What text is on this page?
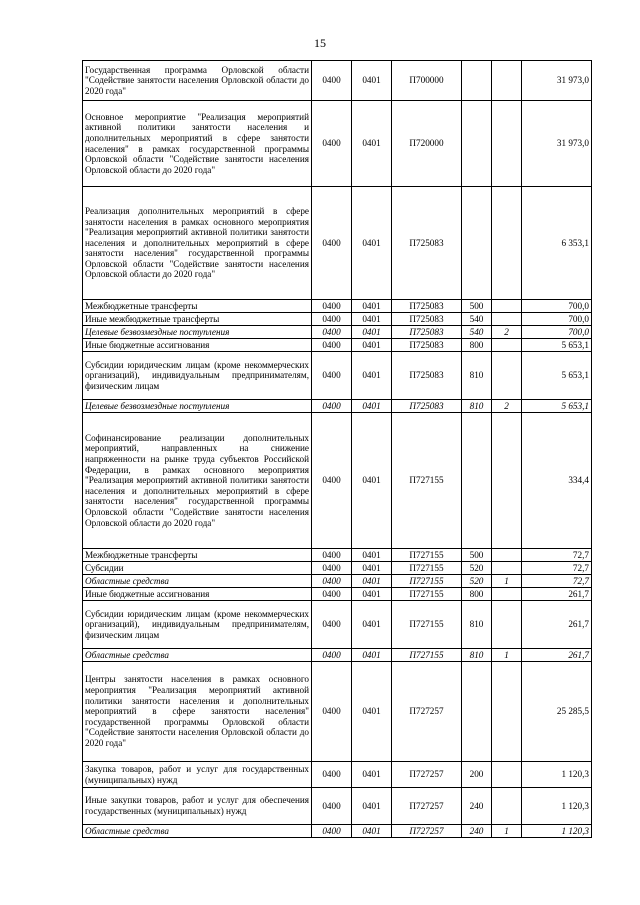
15
Государственная программа Орловской области "Содействие занятости населения Орловской области до 2020 года"	0400	0401	П700000			31 973,0
Основное мероприятие "Реализация мероприятий активной политики занятости населения и дополнительных мероприятий в сфере занятости населения" в рамках государственной программы Орловской области "Содействие занятости населения Орловской области до 2020 года"	0400	0401	П720000			31 973,0
Реализация дополнительных мероприятий в сфере занятости населения в рамках основного мероприятия "Реализация мероприятий активной политики занятости населения и дополнительных мероприятий в сфере занятости населения" государственной программы Орловской области "Содействие занятости населения Орловской области до 2020 года"	0400	0401	П725083			6 353,1
Межбюджетные трансферты	0400	0401	П725083	500		700,0
Иные межбюджетные трансферты	0400	0401	П725083	540		700,0
Целевые безвозмездные поступления	0400	0401	П725083	540	2	700,0
Иные бюджетные ассигнования	0400	0401	П725083	800		5 653,1
Субсидии юридическим лицам (кроме некоммерческих организаций), индивидуальным предпринимателям, физическим лицам	0400	0401	П725083	810		5 653,1
Целевые безвозмездные поступления	0400	0401	П725083	810	2	5 653,1
Софинансирование реализации дополнительных мероприятий, направленных на снижение напряженности на рынке труда субъектов Российской Федерации, в рамках основного мероприятия "Реализация мероприятий активной политики занятости населения и дополнительных мероприятий в сфере занятости населения" государственной программы Орловской области "Содействие занятости населения Орловской области до 2020 года"	0400	0401	П727155			334,4
Межбюджетные трансферты	0400	0401	П727155	500		72,7
Субсидии	0400	0401	П727155	520		72,7
Областные средства	0400	0401	П727155	520	1	72,7
Иные бюджетные ассигнования	0400	0401	П727155	800		261,7
Субсидии юридическим лицам (кроме некоммерческих организаций), индивидуальным предпринимателям, физическим лицам	0400	0401	П727155	810		261,7
Областные средства	0400	0401	П727155	810	1	261,7
Центры занятости населения в рамках основного мероприятия "Реализация мероприятий активной политики занятости населения и дополнительных мероприятий в сфере занятости населения" государственной программы Орловской области "Содействие занятости населения Орловской области до 2020 года"	0400	0401	П727257			25 285,5
Закупка товаров, работ и услуг для государственных (муниципальных) нужд	0400	0401	П727257	200		1 120,3
Иные закупки товаров, работ и услуг для обеспечения государственных (муниципальных) нужд	0400	0401	П727257	240		1 120,3
Областные средства	0400	0401	П727257	240	1	1 120,3
